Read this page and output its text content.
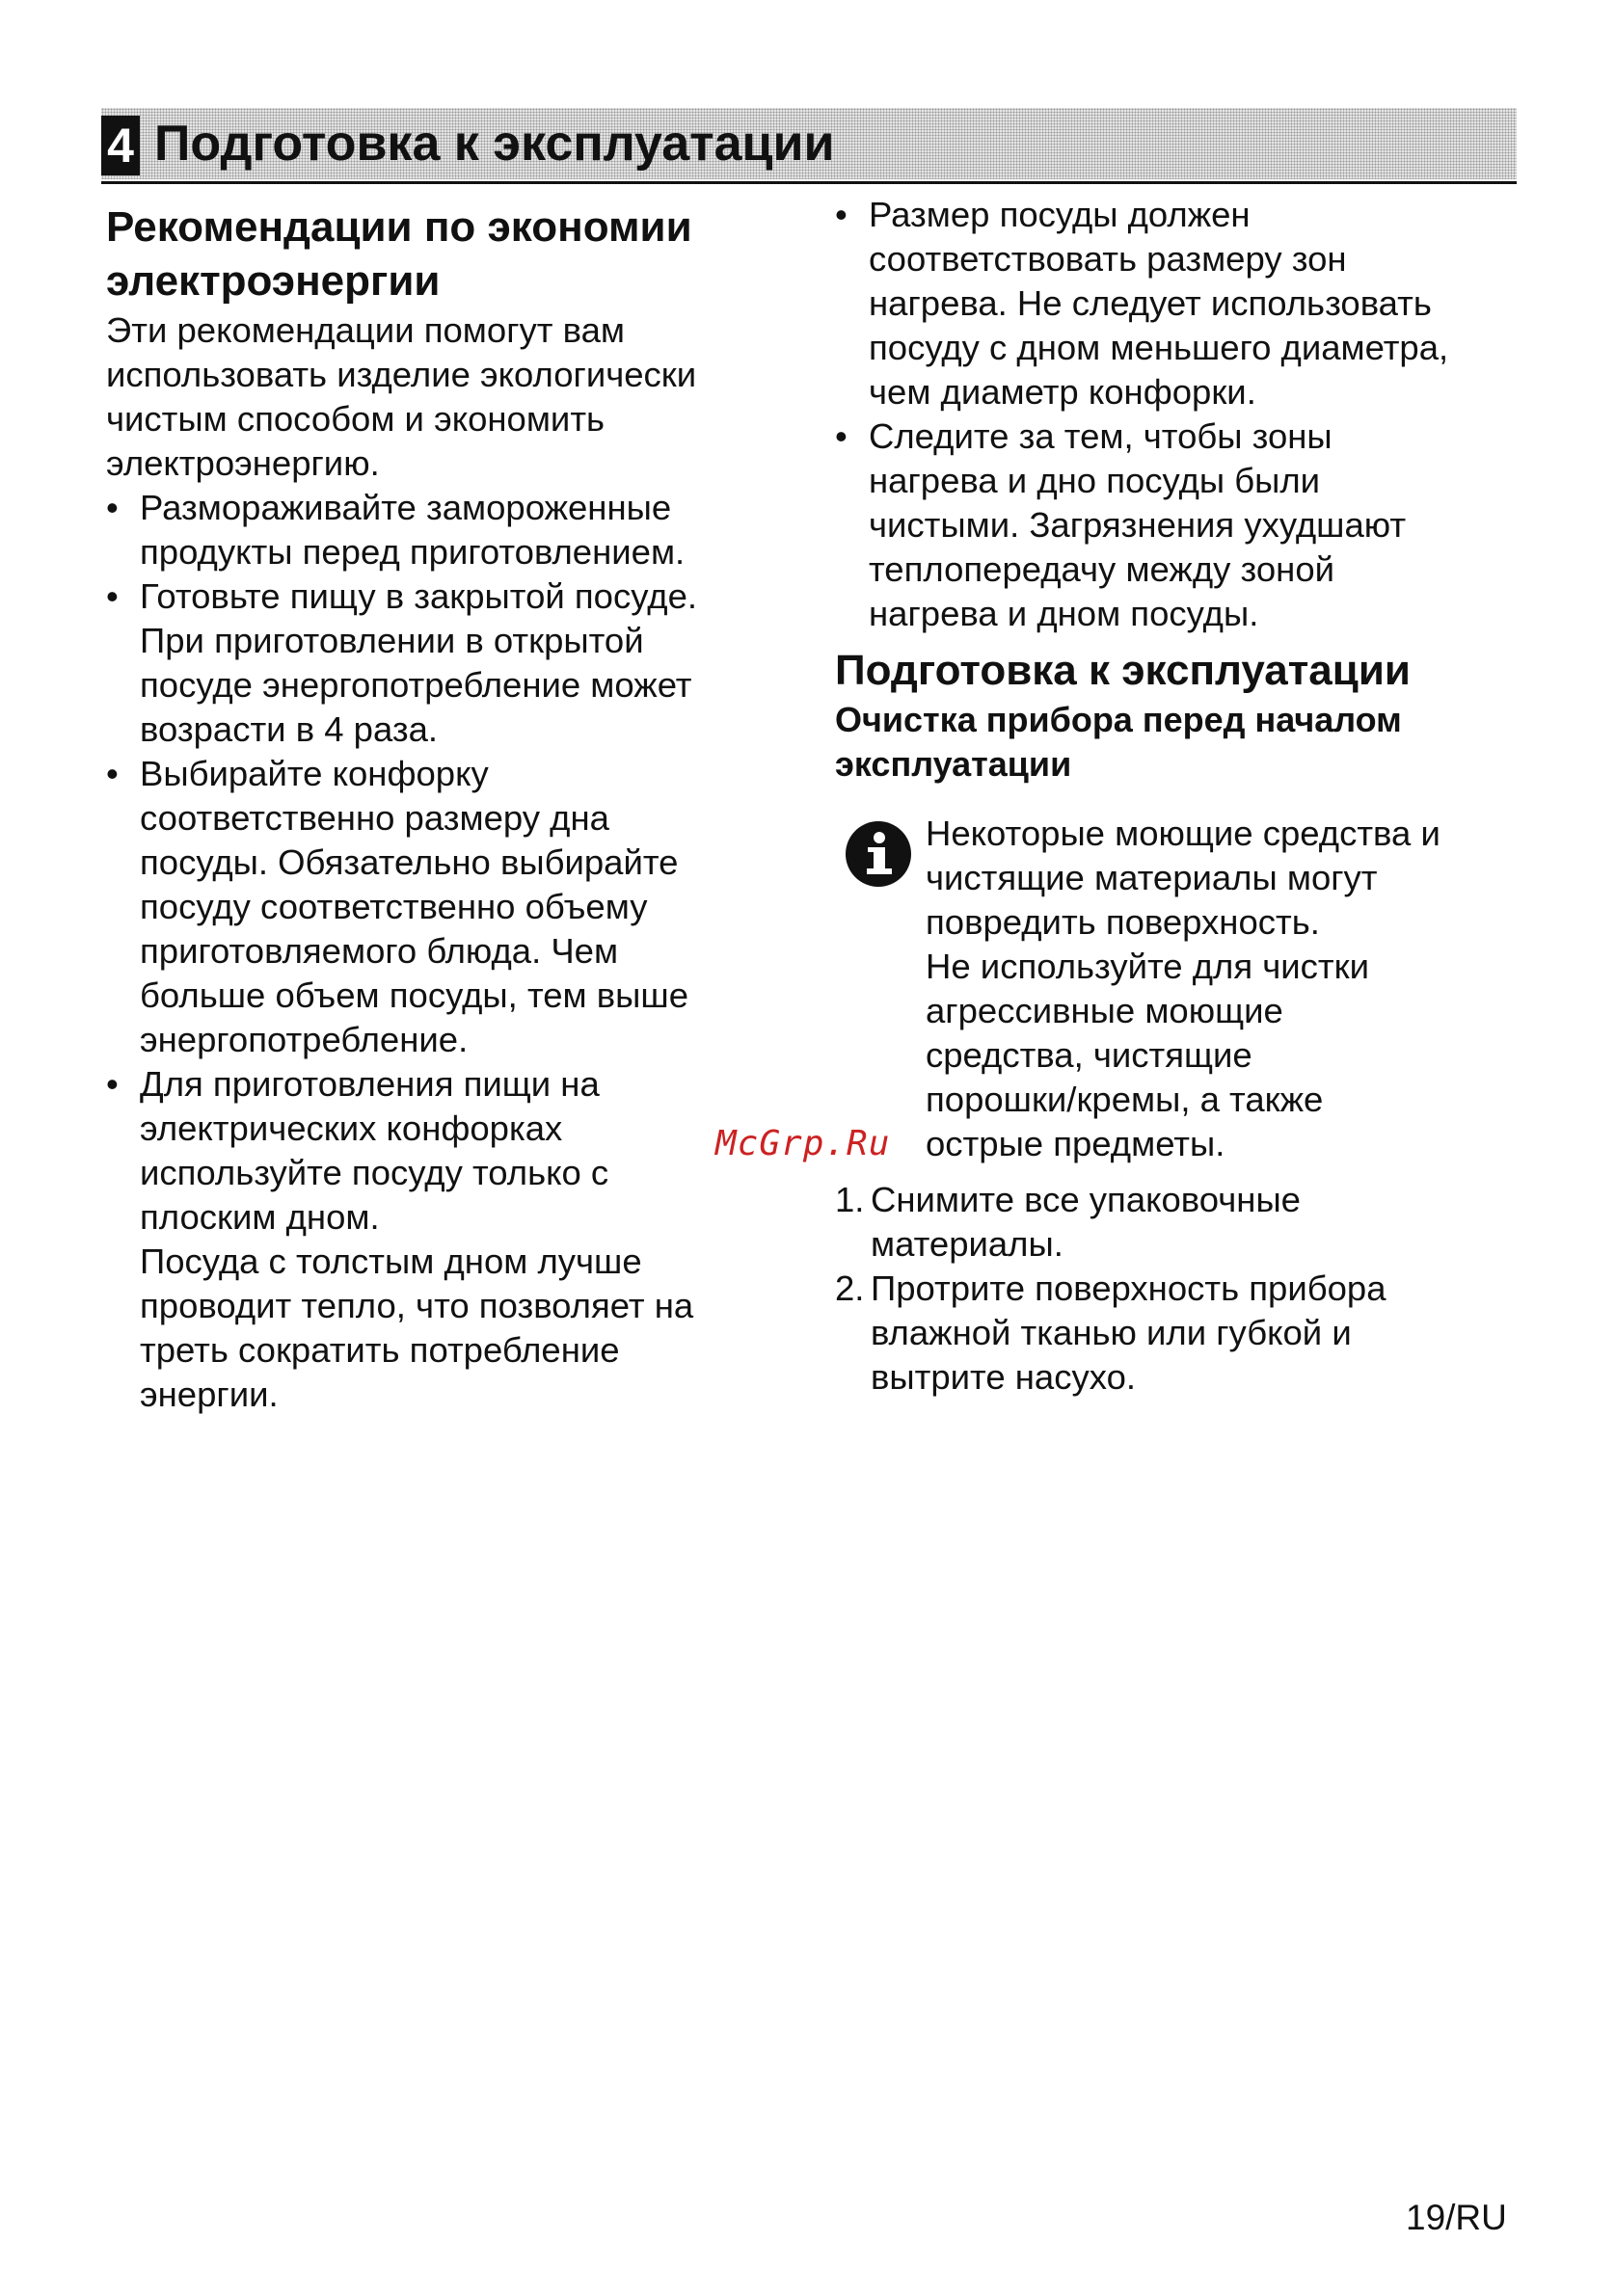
4 Подготовка к эксплуатации
Рекомендации по экономии
электроэнергии

Эти рекомендации помогут вам
использовать изделие экологически
чистым способом и экономить
электроэнергию.

• Размораживайте замороженные
продукты перед приготовлением.
• Готовьте пищу в закрытой посуде.
При приготовлении в открытой
посуде энергопотребление может
возрасти в 4 раза.
• Выбирайте конфорку
соответственно размеру дна
посуды. Обязательно выбирайте
посуду соответственно объему
приготовляемого блюда. Чем
больше объем посуды, тем выше
энергопотребление.
• Для приготовления пищи на
электрических конфорках
используйте посуду только с
плоским дном.
Посуда с толстым дном лучше
проводит тепло, что позволяет на
треть сократить потребление
энергии.
• Размер посуды должен
соответствовать размеру зон
нагрева. Не следует использовать
посуду с дном меньшего диаметра,
чем диаметр конфорки.
• Следите за тем, чтобы зоны
нагрева и дно посуды были
чистыми. Загрязнения ухудшают
теплопередачу между зоной
нагрева и дном посуды.
Подготовка к эксплуатации
Очистка прибора перед началом
эксплуатации
Некоторые моющие средства и
чистящие материалы могут
повредить поверхность.
Не используйте для чистки
агрессивные моющие
средства, чистящие
порошки/кремы, а также
острые предметы.
1. Снимите все упаковочные
материалы.
2. Протрите поверхность прибора
влажной тканью или губкой и
вытрите насухо.
McGrp.Ru
19/RU
